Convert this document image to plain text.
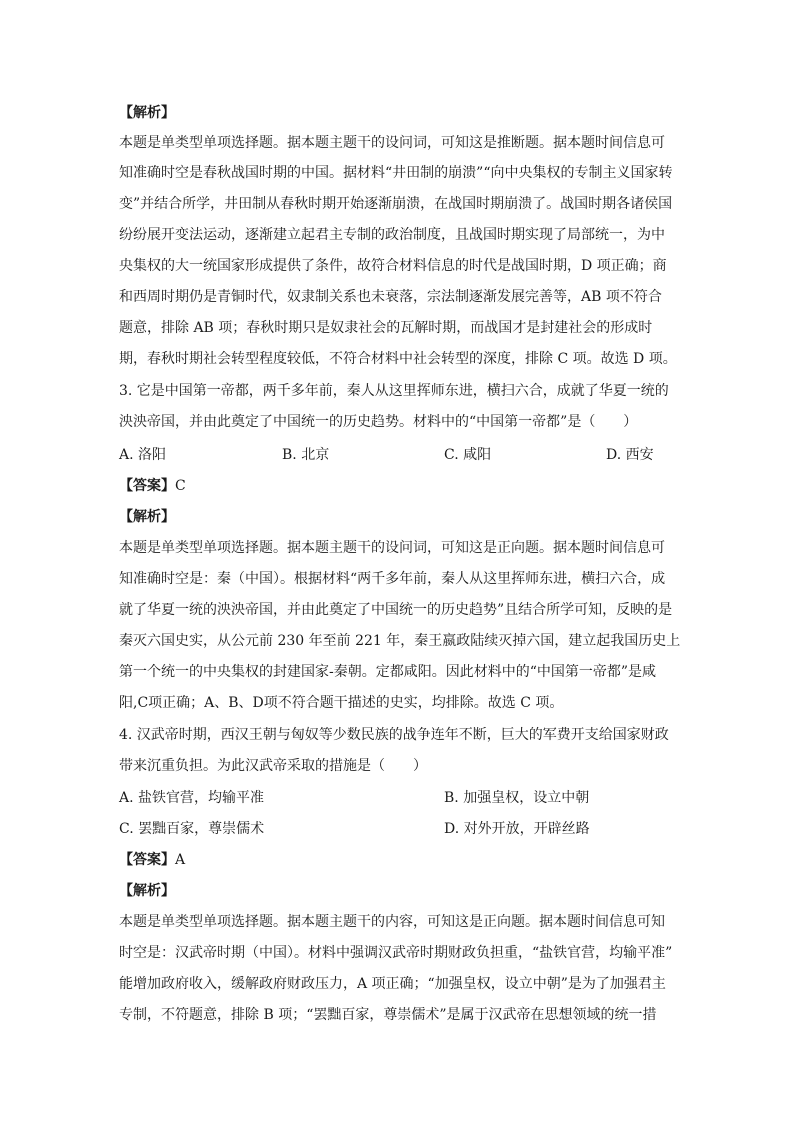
【解析】
本题是单类型单项选择题。据本题主题干的设问词，可知这是推断题。据本题时间信息可
知准确时空是春秋战国时期的中国。据材料“井田制的崩溃”“向中央集权的专制主义国家转
变”并结合所学，井田制从春秋时期开始逐渐崩溃，在战国时期崩溃了。战国时期各诸侯国
纷纷展开变法运动，逐渐建立起君主专制的政治制度，且战国时期实现了局部统一，为中
央集权的大一统国家形成提供了条件，故符合材料信息的时代是战国时期，D 项正确；商
和西周时期仍是青铜时代，奴隶制关系也未衰落，宗法制逐渐发展完善等，AB 项不符合
题意，排除 AB 项；春秋时期只是奴隶社会的瓦解时期，而战国才是封建社会的形成时
期，春秋时期社会转型程度较低，不符合材料中社会转型的深度，排除 C 项。故选 D 项。
3. 它是中国第一帝都，两千多年前，秦人从这里挥师东进，横扫六合，成就了华夏一统的
泱泱帝国，并由此奠定了中国统一的历史趋势。材料中的“中国第一帝都”是（　　）
A. 洛阳	B. 北京	C. 咸阳	D. 西安
【答案】C
【解析】
本题是单类型单项选择题。据本题主题干的设问词，可知这是正向题。据本题时间信息可
知准确时空是：秦（中国）。根据材料“两千多年前，秦人从这里挥师东进，横扫六合，成
就了华夏一统的泱泱帝国，并由此奠定了中国统一的历史趋势”且结合所学可知，反映的是
秦灭六国史实，从公元前 230 年至前 221 年，秦王嬴政陆续灭掉六国，建立起我国历史上
第一个统一的中央集权的封建国家-秦朝。定都咸阳。因此材料中的“中国第一帝都”是咸
阳,C项正确；A、B、D项不符合题干描述的史实，均排除。故选 C 项。
4. 汉武帝时期，西汉王朝与匈奴等少数民族的战争连年不断，巨大的军费开支给国家财政
带来沉重负担。为此汉武帝采取的措施是（　　）
A. 盐铁官营，均输平准	B. 加强皇权，设立中朝
C. 罢黜百家，尊崇儒术	D. 对外开放，开辟丝路
【答案】A
【解析】
本题是单类型单项选择题。据本题主题干的内容，可知这是正向题。据本题时间信息可知
时空是：汉武帝时期（中国）。材料中强调汉武帝时期财政负担重，“盐铁官营，均输平准”
能增加政府收入，缓解政府财政压力，A 项正确；“加强皇权，设立中朝”是为了加强君主
专制，不符题意，排除 B 项；“罢黜百家，尊崇儒术”是属于汉武帝在思想领域的统一措
